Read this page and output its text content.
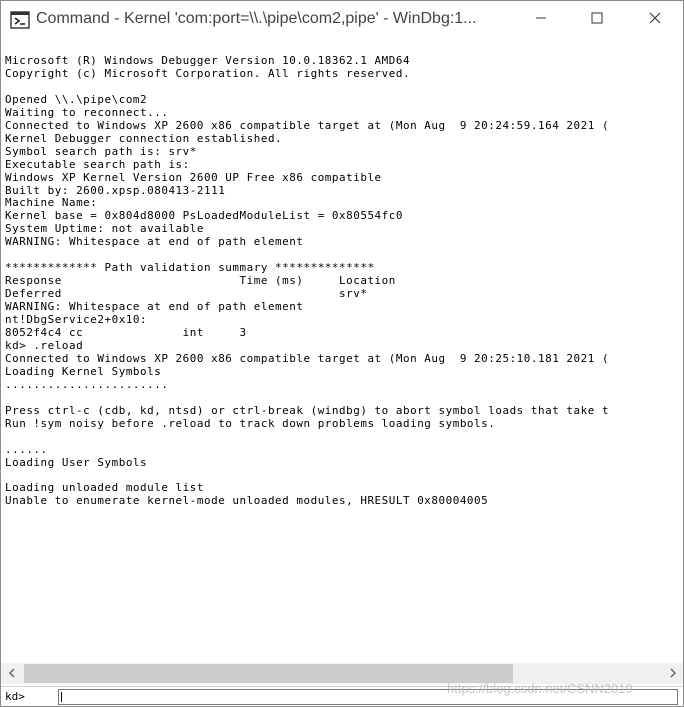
Command - Kernel 'com:port=\\.\pipe\com2,pipe' - WinDbg:1...
Microsoft (R) Windows Debugger Version 10.0.18362.1 AMD64
Copyright (c) Microsoft Corporation. All rights reserved.

Opened \\.\pipe\com2
Waiting to reconnect...
Connected to Windows XP 2600 x86 compatible target at (Mon Aug  9 20:24:59.164 2021 (
Kernel Debugger connection established.
Symbol search path is: srv*
Executable search path is:
Windows XP Kernel Version 2600 UP Free x86 compatible
Built by: 2600.xpsp.080413-2111
Machine Name:
Kernel base = 0x804d8000 PsLoadedModuleList = 0x80554fc0
System Uptime: not available
WARNING: Whitespace at end of path element

************* Path validation summary **************
Response                         Time (ms)     Location
Deferred                                       srv*
WARNING: Whitespace at end of path element
nt!DbgService2+0x10:
8052f4c4 cc              int     3
kd> .reload
Connected to Windows XP 2600 x86 compatible target at (Mon Aug  9 20:25:10.181 2021 (
Loading Kernel Symbols
.......................

Press ctrl-c (cdb, kd, ntsd) or ctrl-break (windbg) to abort symbol loads that take t
Run !sym noisy before .reload to track down problems loading symbols.

......
Loading User Symbols

Loading unloaded module list
Unable to enumerate kernel-mode unloaded modules, HRESULT 0x80004005
kd>
https://blog.csdn.net/CSNN2019
